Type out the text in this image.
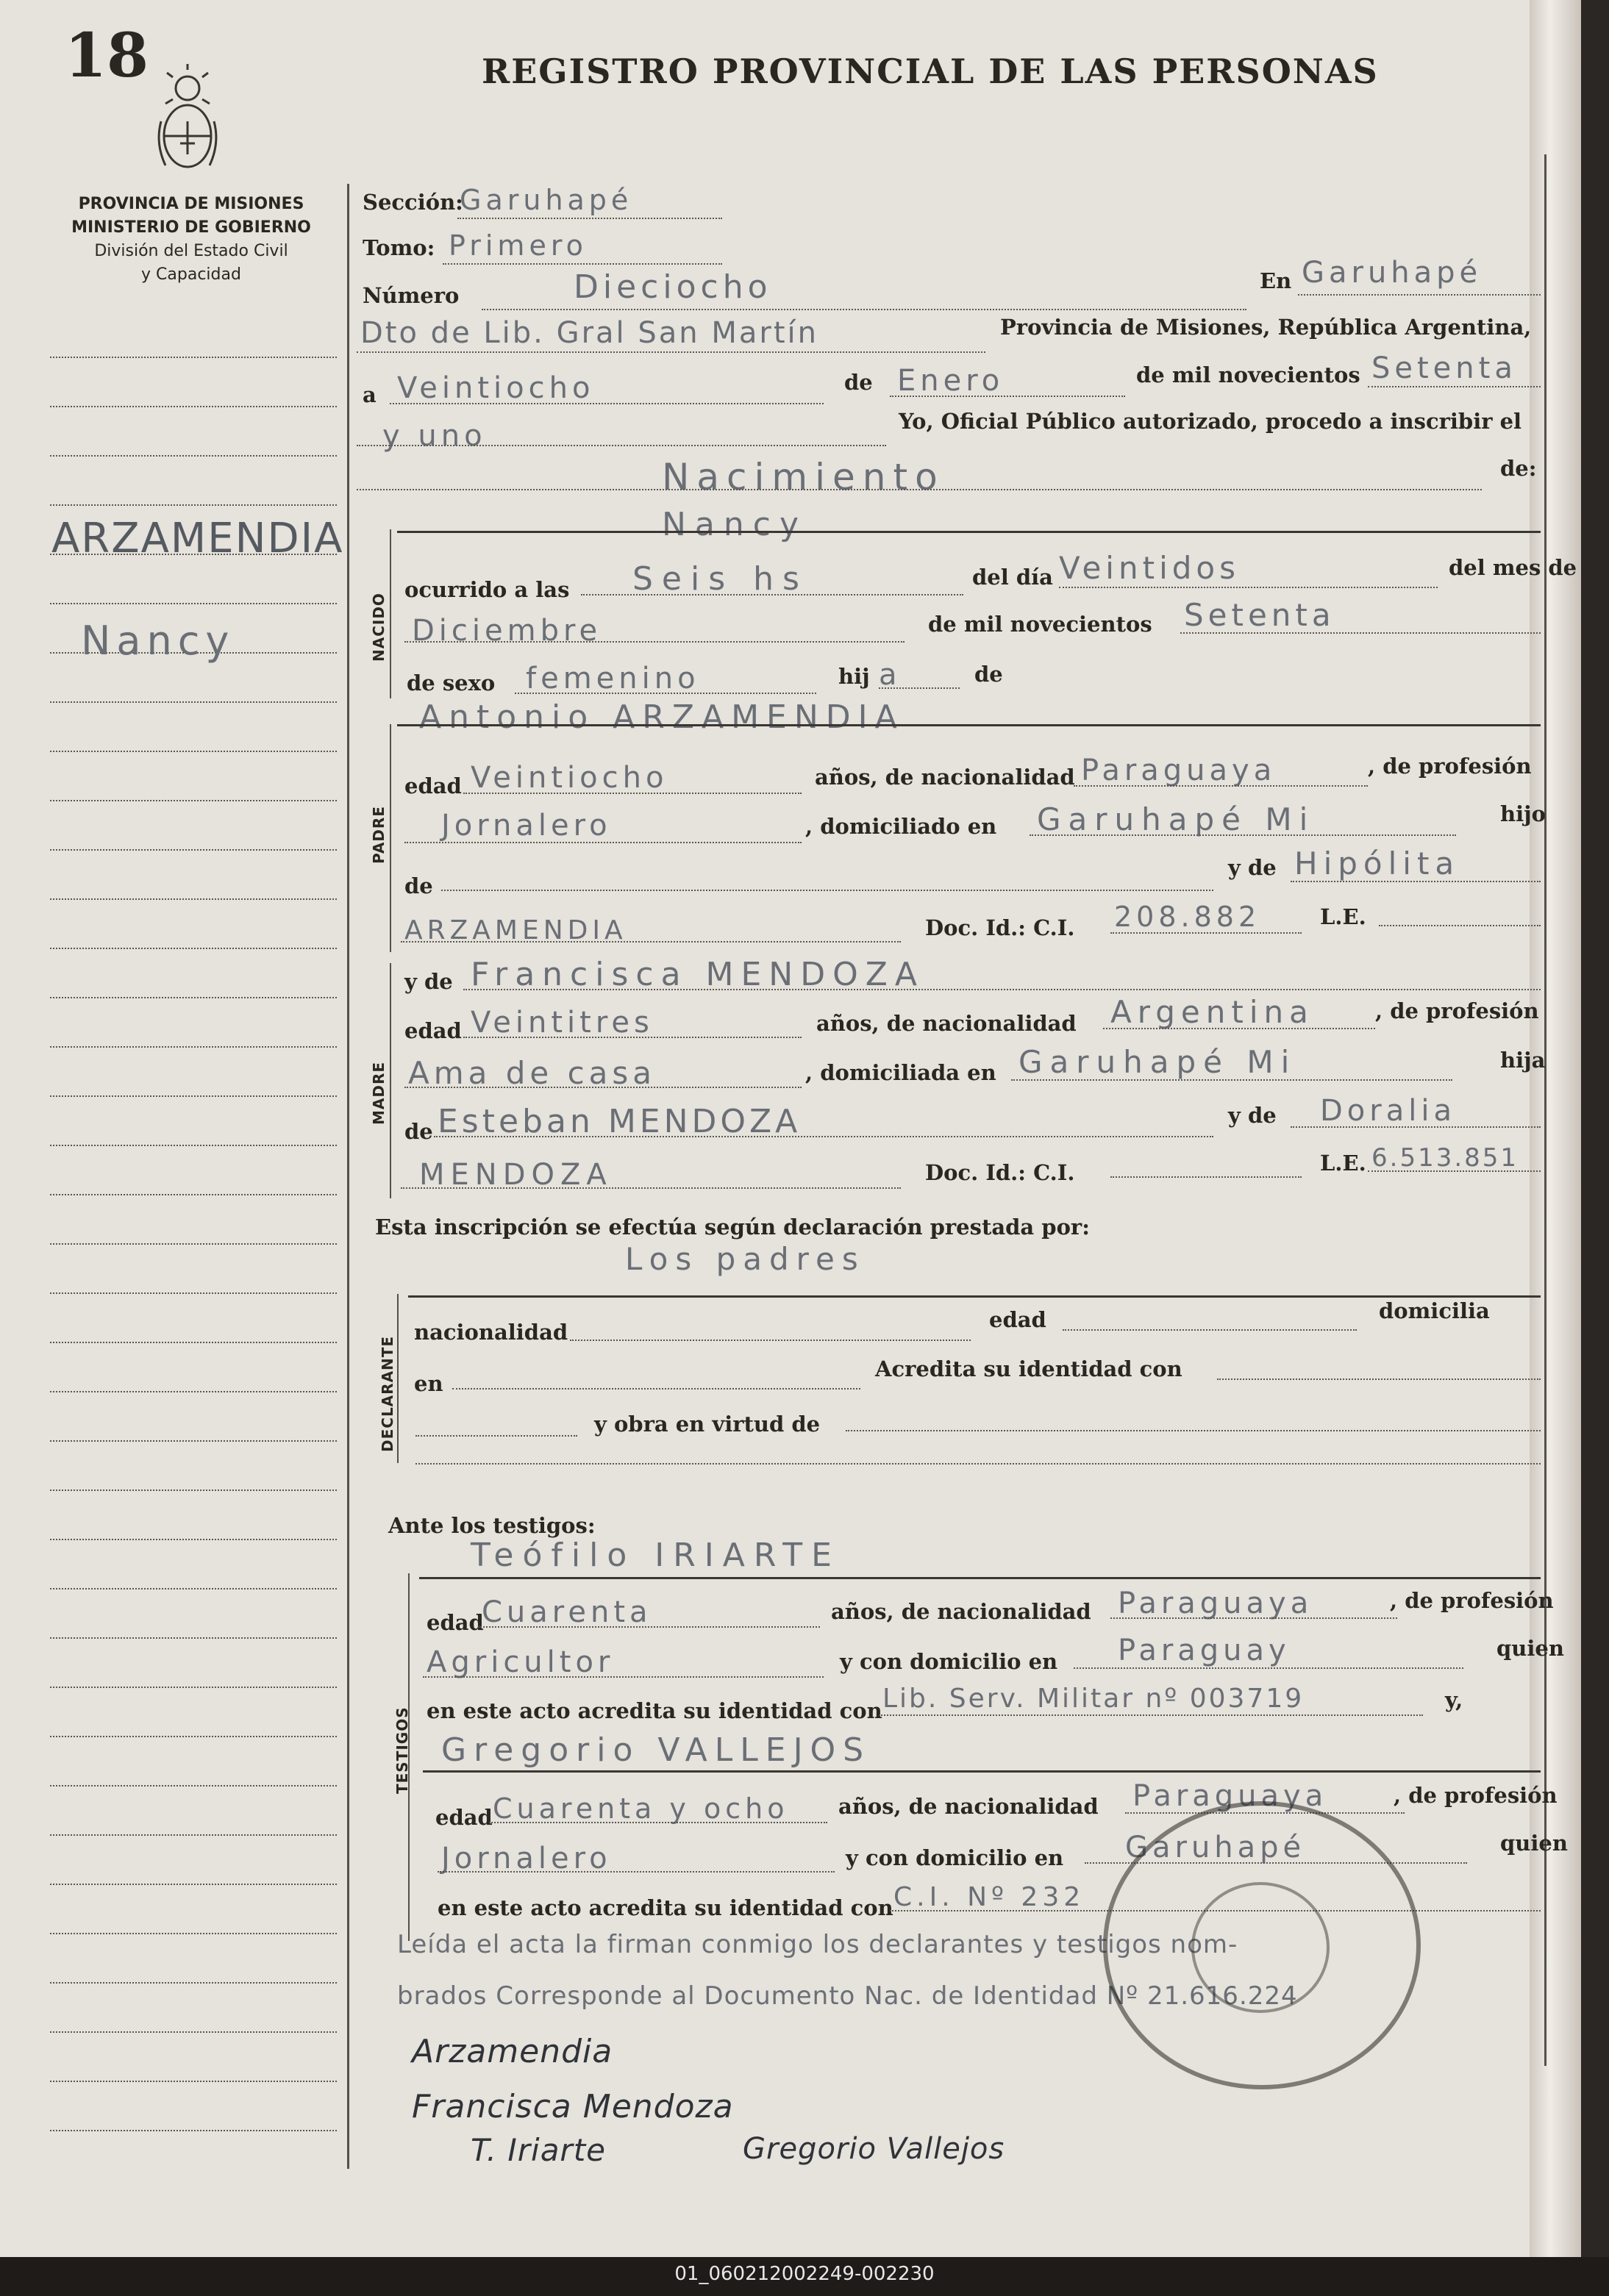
18	REGISTRO PROVINCIAL DE LAS PERSONAS
PROVINCIA DE MISIONES
MINISTERIO DE GOBIERNO
División del Estado Civil
y Capacidad
ARZAMENDIA
Nancy
Sección:
Garuhapé
Tomo: Primero
Número	Dieciocho	En Garuhapé
Dto de Lib. Gral San Martín	Provincia de Misiones, República Argentina,
a Veintiocho	de Enero	de mil novecientos Setenta
y uno	Yo, Oficial Público autorizado, procedo a inscribir el
Nacimiento	de:
Nancy
NACIDO
ocurrido a las Seis hs	del día Veintidos	del mes de
Diciembre	de mil novecientos Setenta
de sexo femenino	hij a	de
Antonio ARZAMENDIA
PADRE
edad Veintiocho	años, de nacionalidad Paraguaya	, de profesión
Jornalero	, domiciliado en Garuhapé Mi	hijo
de
y de Hipólita
ARZAMENDIA	Doc. Id.: C.I. 208.882	L.E.
MADRE
y de Francisca MENDOZA
edad Veintitres	años, de nacionalidad Argentina	, de profesión
Ama de casa	, domiciliada en Garuhapé Mi	hija
de Esteban MENDOZA	y de Doralia
MENDOZA	Doc. Id.: C.I.	L.E. 6.513.851
Esta inscripción se efectúa según declaración prestada por:
Los padres
DECLARANTE
nacionalidad	edad	domicilia
en
Acredita su identidad con
y obra en virtud de
Ante los testigos:
Teófilo IRIARTE
TESTIGOS
edad
Cuarenta	años, de nacionalidad Paraguaya	, de profesión
Agricultor	y con domicilio en Paraguay	quien
en este acto acredita su identidad con Lib. Serv. Militar nº 003719	y,
Gregorio VALLEJOS
edad Cuarenta y ocho años, de nacionalidad Paraguaya	, de profesión
Jornalero	y con domicilio en Garuhapé	quien
en este acto acredita su identidad con C.I. Nº 232
Leída el acta la firman conmigo los declarantes y testigos nom-
brados Corresponde al Documento Nac. de Identidad Nº 21.616.224
Arzamendia
Francisca Mendoza
T. Iriarte	Gregorio Vallejos
01_060212002249-002230
